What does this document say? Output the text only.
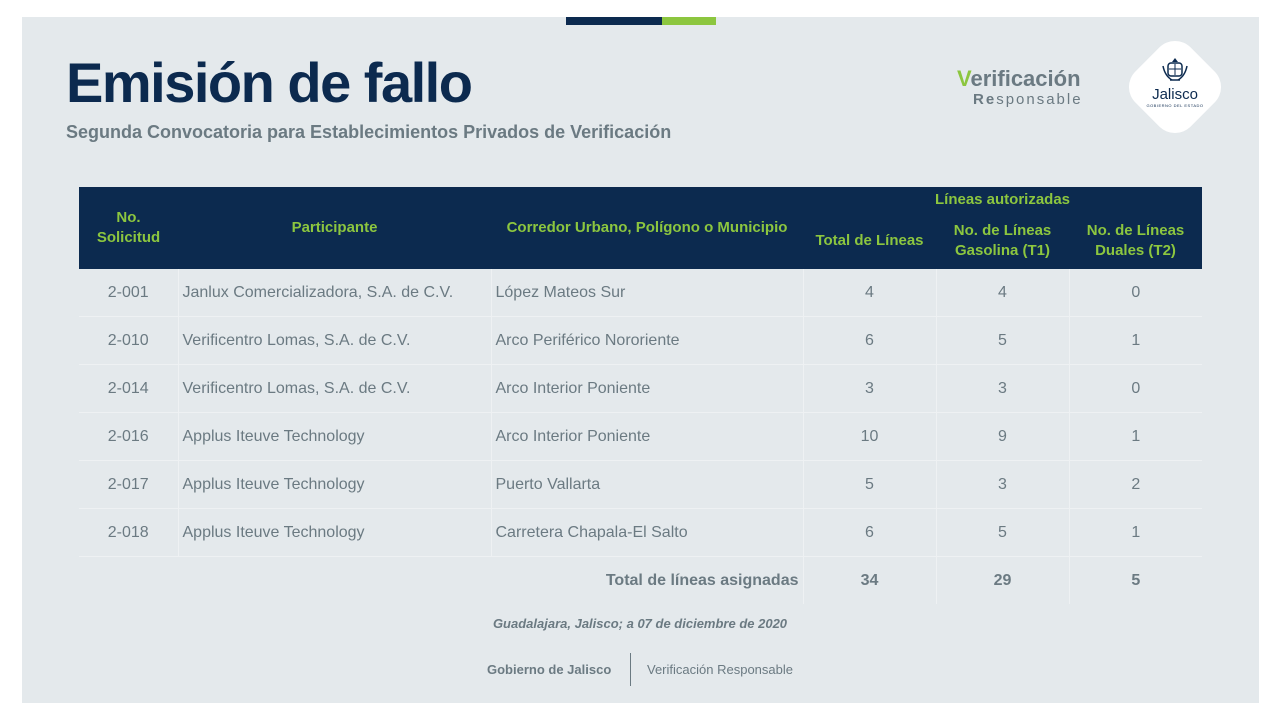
Emisión de fallo

Segunda Convocatoria para Establecimientos Privados de Verificación

Verificación
Responsable	Jalisco
GOBIERNO DEL ESTADO
No. Solicitud	Participante	Corredor Urbano, Polígono o Municipio	Líneas autorizadas		
			Total de Líneas	No. de Líneas Gasolina (T1)	No. de Líneas Duales (T2)
2-001	Janlux Comercializadora, S.A. de C.V.	López Mateos Sur	4	4	0
2-010	Verificentro Lomas, S.A. de C.V.	Arco Periférico Nororiente	6	5	1
2-014	Verificentro Lomas, S.A. de C.V.	Arco Interior Poniente	3	3	0
2-016	Applus Iteuve Technology	Arco Interior Poniente	10	9	1
2-017	Applus Iteuve Technology	Puerto Vallarta	5	3	2
2-018	Applus Iteuve Technology	Carretera Chapala-El Salto	6	5	1
		Total de líneas asignadas	34	29	5
Guadalajara, Jalisco; a 07 de diciembre de 2020
Gobierno de Jalisco	Verificación Responsable
